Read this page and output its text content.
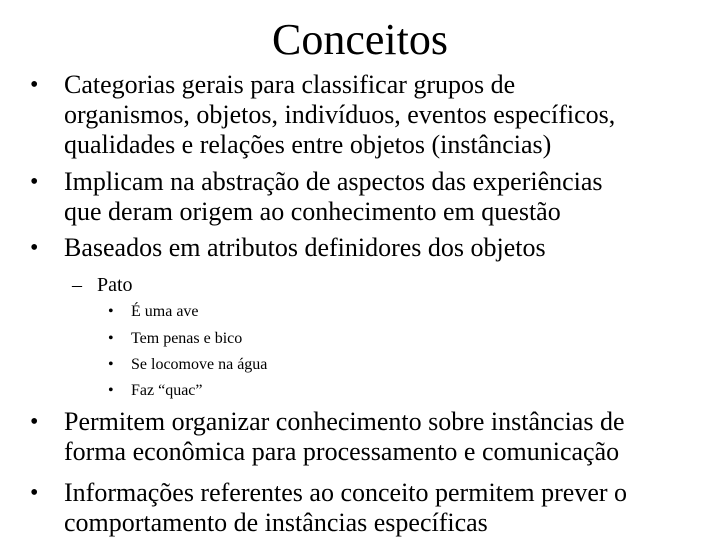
Conceitos
• Categorias gerais para classificar grupos de
organismos, objetos, indivíduos, eventos específicos,
qualidades e relações entre objetos (instâncias)
• Implicam na abstração de aspectos das experiências
que deram origem ao conhecimento em questão
• Baseados em atributos definidores dos objetos
– Pato
• É uma ave
• Tem penas e bico
• Se locomove na água
• Faz “quac”
• Permitem organizar conhecimento sobre instâncias de
forma econômica para processamento e comunicação
• Informações referentes ao conceito permitem prever o
comportamento de instâncias específicas
